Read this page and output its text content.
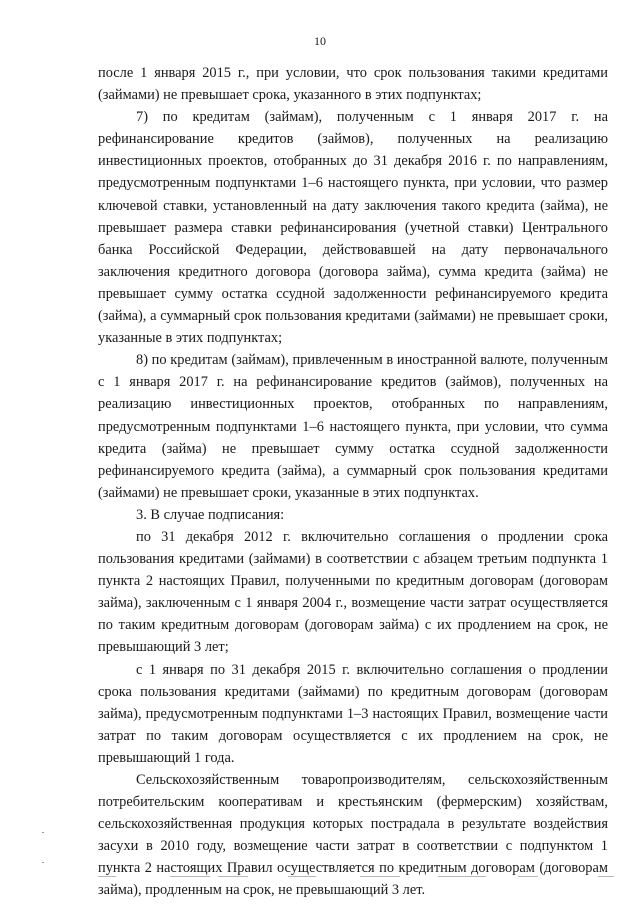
10

после 1 января 2015 г., при условии, что срок пользования такими кредитами (займами) не превышает срока, указанного в этих подпунктах;

7) по кредитам (займам), полученным с 1 января 2017 г. на рефинансирование кредитов (займов), полученных на реализацию инвестиционных проектов, отобранных до 31 декабря 2016 г. по направлениям, предусмотренным подпунктами 1–6 настоящего пункта, при условии, что размер ключевой ставки, установленный на дату заключения такого кредита (займа), не превышает размера ставки рефинансирования (учетной ставки) Центрального банка Российской Федерации, действовавшей на дату первоначального заключения кредитного договора (договора займа), сумма кредита (займа) не превышает сумму остатка ссудной задолженности рефинансируемого кредита (займа), а суммарный срок пользования кредитами (займами) не превышает сроки, указанные в этих подпунктах;

8) по кредитам (займам), привлеченным в иностранной валюте, полученным с 1 января 2017 г. на рефинансирование кредитов (займов), полученных на реализацию инвестиционных проектов, отобранных по направлениям, предусмотренным подпунктами 1–6 настоящего пункта, при условии, что сумма кредита (займа) не превышает сумму остатка ссудной задолженности рефинансируемого кредита (займа), а суммарный срок пользования кредитами (займами) не превышает сроки, указанные в этих подпунктах.

3. В случае подписания:

по 31 декабря 2012 г. включительно соглашения о продлении срока пользования кредитами (займами) в соответствии с абзацем третьим подпункта 1 пункта 2 настоящих Правил, полученными по кредитным договорам (договорам займа), заключенным с 1 января 2004 г., возмещение части затрат осуществляется по таким кредитным договорам (договорам займа) с их продлением на срок, не превышающий 3 лет;

с 1 января по 31 декабря 2015 г. включительно соглашения о продлении срока пользования кредитами (займами) по кредитным договорам (договорам займа), предусмотренным подпунктами 1–3 настоящих Правил, возмещение части затрат по таким договорам осуществляется с их продлением на срок, не превышающий 1 года.

Сельскохозяйственным товаропроизводителям, сельскохозяйственным потребительским кооперативам и крестьянским (фермерским) хозяйствам, сельскохозяйственная продукция которых пострадала в результате воздействия засухи в 2010 году, возмещение части затрат в соответствии с подпунктом 1 пункта 2 настоящих Правил осуществляется по кредитным договорам (договорам займа), продленным на срок, не превышающий 3 лет.
